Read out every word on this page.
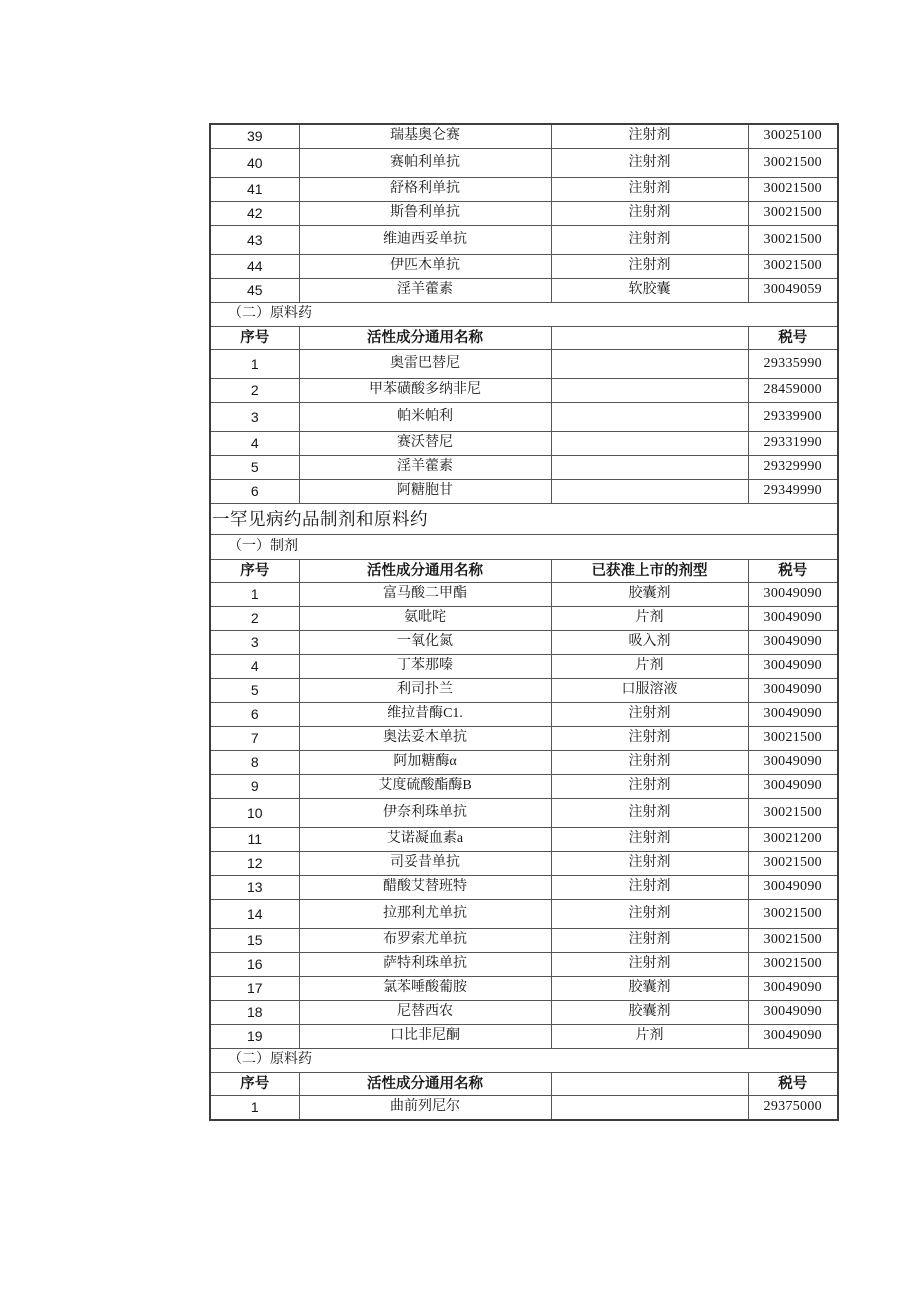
39	瑞基奥仑赛	注射剂	30025100
40	赛帕利单抗	注射剂	30021500
41	舒格利单抗	注射剂	30021500
42	斯鲁利单抗	注射剂	30021500
43	维迪西妥单抗	注射剂	30021500
44	伊匹木单抗	注射剂	30021500
45	淫羊藿素	软胶囊	30049059
（二）原料药			
序号	活性成分通用名称		税号
1	奥雷巴替尼		29335990
2	甲苯磺酸多纳非尼		28459000
3	帕米帕利		29339900
4	赛沃替尼		29331990
5	淫羊藿素		29329990
6	阿糖胞甘		29349990
一罕见病约品制剂和原料约			
（一）制剂			
序号	活性成分通用名称	已获准上市的剂型	税号
1	富马酸二甲酯	胶囊剂	30049090
2	氨吡咤	片剂	30049090
3	一氧化氮	吸入剂	30049090
4	丁苯那嗪	片剂	30049090
5	利司扑兰	口服溶液	30049090
6	维拉昔酶C1.	注射剂	30049090
7	奥法妥木单抗	注射剂	30021500
8	阿加糖酶α	注射剂	30049090
9	艾度硫酸酯酶B	注射剂	30049090
10	伊奈利珠单抗	注射剂	30021500
11	艾诺凝血素a	注射剂	30021200
12	司妥昔单抗	注射剂	30021500
13	醋酸艾替班特	注射剂	30049090
14	拉那利尤单抗	注射剂	30021500
15	布罗索尤单抗	注射剂	30021500
16	萨特利珠单抗	注射剂	30021500
17	氯苯唾酸葡胺	胶囊剂	30049090
18	尼替西农	胶囊剂	30049090
19	口比非尼酮	片剂	30049090
（二）原料药			
序号	活性成分通用名称		税号
1	曲前列尼尔		29375000
